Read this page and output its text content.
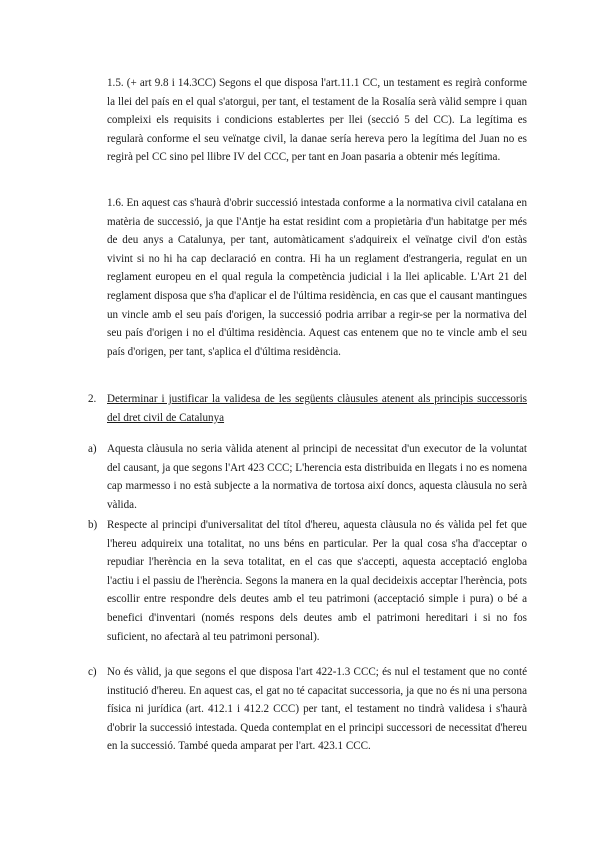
1.5. (+ art 9.8 i 14.3CC) Segons el que disposa l'art.11.1 CC, un testament es regirà conforme la llei del país en el qual s'atorgui, per tant, el testament de la Rosalía serà vàlid sempre i quan compleixi els requisits i condicions establertes per llei (secció 5 del CC). La legítima es regularà conforme el seu veïnatge civil, la danae sería hereva pero la legítima del Juan no es regirà pel CC sino pel llibre IV del CCC, per tant en Joan pasaria a obtenir més legítima.

1.6. En aquest cas s'haurà d'obrir successió intestada conforme a la normativa civil catalana en matèria de successió, ja que l'Antje ha estat residint com a propietària d'un habitatge per més de deu anys a Catalunya, per tant, automàticament s'adquireix el veïnatge civil d'on estàs vivint si no hi ha cap declaració en contra. Hi ha un reglament d'estrangeria, regulat en un reglament europeu en el qual regula la competència judicial i la llei aplicable. L'Art 21 del reglament disposa que s'ha d'aplicar el de l'última residència, en cas que el causant mantingues un vincle amb el seu país d'origen, la successió podria arribar a regir-se per la normativa del seu país d'origen i no el d'última residència. Aquest cas entenem que no te vincle amb el seu país d'origen, per tant, s'aplica el d'última residència.

2. Determinar i justificar la validesa de les següents clàusules atenent als principis successoris del dret civil de Catalunya

a) Aquesta clàusula no seria vàlida atenent al principi de necessitat d'un executor de la voluntat del causant, ja que segons l'Art 423 CCC; L'herencia esta distribuida en llegats i no es nomena cap marmesso i no està subjecte a la normativa de tortosa així doncs, aquesta clàusula no serà vàlida.

b) Respecte al principi d'universalitat del títol d'hereu, aquesta clàusula no és vàlida pel fet que l'hereu adquireix una totalitat, no uns béns en particular. Per la qual cosa s'ha d'acceptar o repudiar l'herència en la seva totalitat, en el cas que s'accepti, aquesta acceptació engloba l'actiu i el passiu de l'herència. Segons la manera en la qual decideixis acceptar l'herència, pots escollir entre respondre dels deutes amb el teu patrimoni (acceptació simple i pura) o bé a benefici d'inventari (només respons dels deutes amb el patrimoni hereditari i si no fos suficient, no afectarà al teu patrimoni personal).

c) No és vàlid, ja que segons el que disposa l'art 422-1.3 CCC; és nul el testament que no conté institució d'hereu. En aquest cas, el gat no té capacitat successoria, ja que no és ni una persona física ni jurídica (art. 412.1 i 412.2 CCC) per tant, el testament no tindrà validesa i s'haurà d'obrir la successió intestada. Queda contemplat en el principi successori de necessitat d'hereu en la successió. També queda amparat per l'art. 423.1 CCC.
